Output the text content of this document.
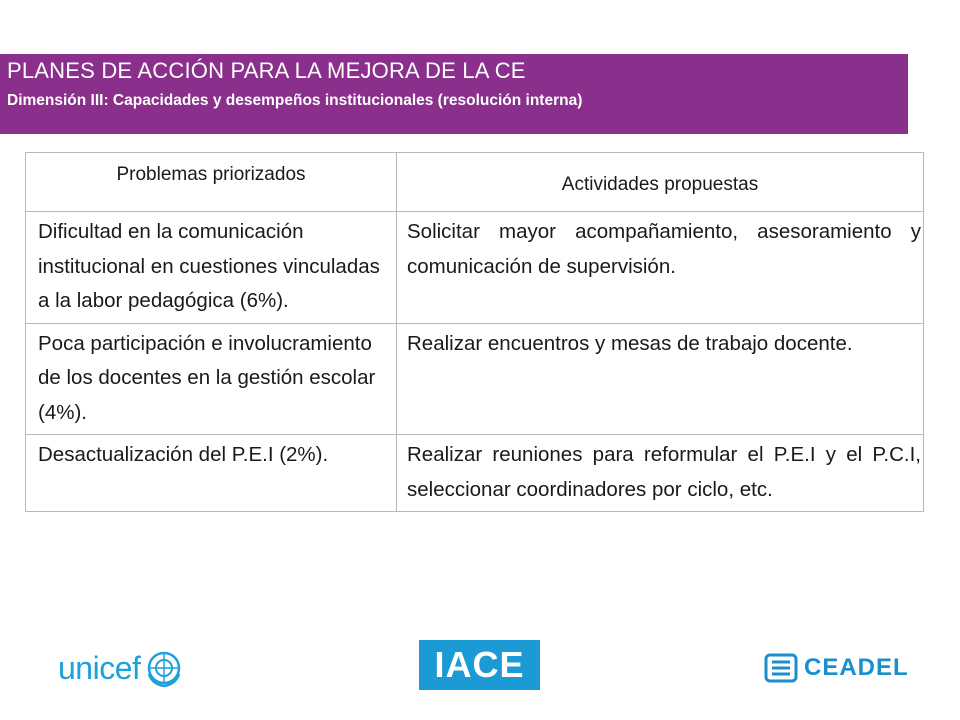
PLANES DE ACCIÓN PARA LA MEJORA DE LA CE
Dimensión III: Capacidades y desempeños institucionales (resolución interna)
Problemas priorizados	Actividades propuestas

Dificultad en la comunicación institucional en cuestiones vinculadas a la labor pedagógica (6%).	Solicitar mayor acompañamiento, asesoramiento y comunicación de supervisión.
Poca participación e involucramiento de los docentes en la gestión escolar (4%).	Realizar encuentros y mesas de trabajo docente.
Desactualización del P.E.I (2%).	Realizar reuniones para reformular el P.E.I y el P.C.I, seleccionar coordinadores por ciclo, etc.
unicef	IACE	CEADEL
